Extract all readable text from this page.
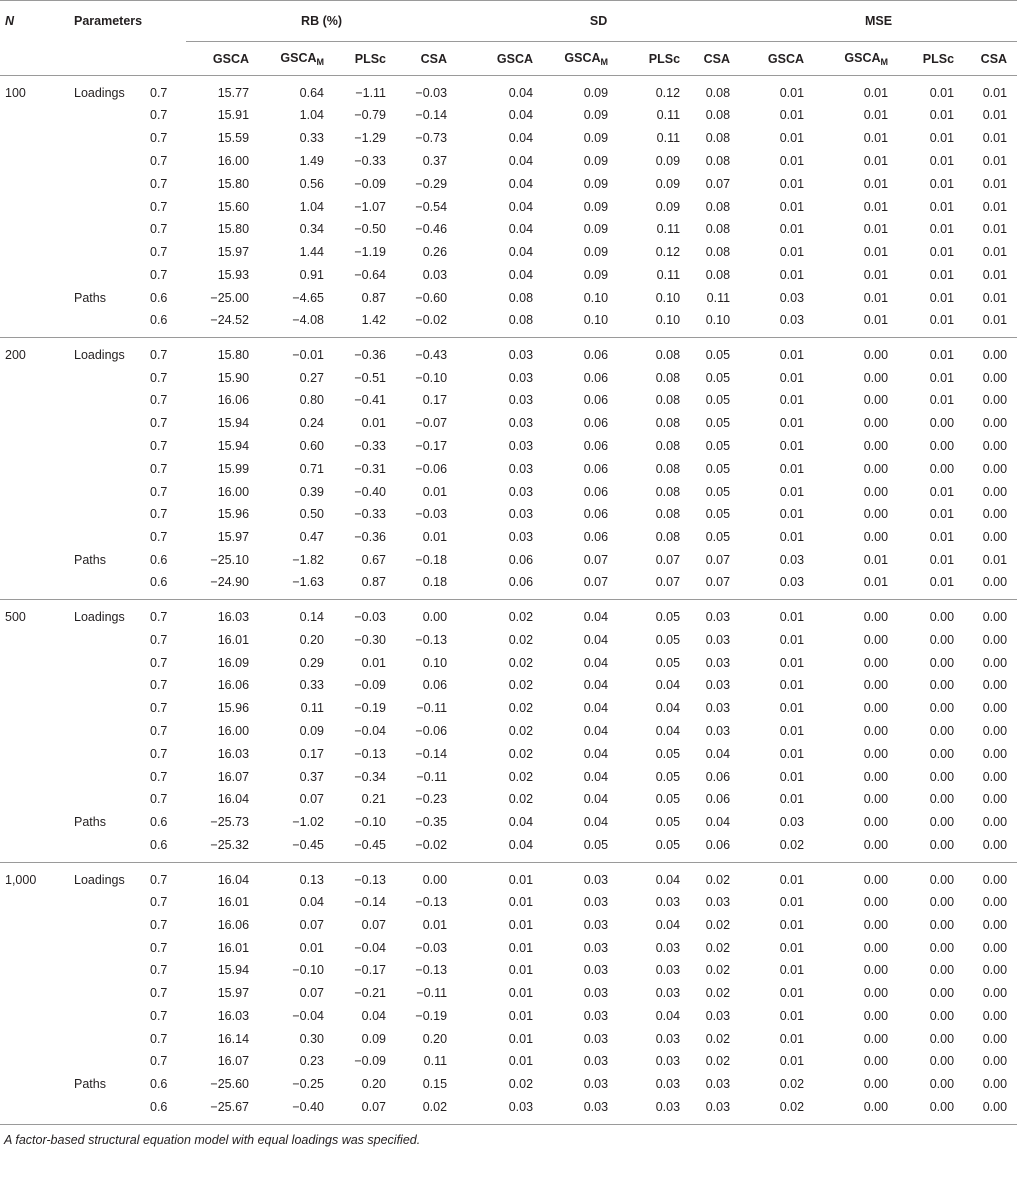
N	Parameters		RB (%)				SD				MSE			
			GSCA	$GSCA_M$	PLSc	CSA	GSCA	$GSCA_M$	PLSc	CSA	GSCA	$GSCA_M$	PLSc	CSA
100	Loadings	0.7	15.77	0.64	−1.11	−0.03	0.04	0.09	0.12	0.08	0.01	0.01	0.01	0.01
		0.7	15.91	1.04	−0.79	−0.14	0.04	0.09	0.11	0.08	0.01	0.01	0.01	0.01
		0.7	15.59	0.33	−1.29	−0.73	0.04	0.09	0.11	0.08	0.01	0.01	0.01	0.01
		0.7	16.00	1.49	−0.33	0.37	0.04	0.09	0.09	0.08	0.01	0.01	0.01	0.01
		0.7	15.80	0.56	−0.09	−0.29	0.04	0.09	0.09	0.07	0.01	0.01	0.01	0.01
		0.7	15.60	1.04	−1.07	−0.54	0.04	0.09	0.09	0.08	0.01	0.01	0.01	0.01
		0.7	15.80	0.34	−0.50	−0.46	0.04	0.09	0.11	0.08	0.01	0.01	0.01	0.01
		0.7	15.97	1.44	−1.19	0.26	0.04	0.09	0.12	0.08	0.01	0.01	0.01	0.01
		0.7	15.93	0.91	−0.64	0.03	0.04	0.09	0.11	0.08	0.01	0.01	0.01	0.01
	Paths	0.6	−25.00	−4.65	0.87	−0.60	0.08	0.10	0.10	0.11	0.03	0.01	0.01	0.01
		0.6	−24.52	−4.08	1.42	−0.02	0.08	0.10	0.10	0.10	0.03	0.01	0.01	0.01
200	Loadings	0.7	15.80	−0.01	−0.36	−0.43	0.03	0.06	0.08	0.05	0.01	0.00	0.01	0.00
		0.7	15.90	0.27	−0.51	−0.10	0.03	0.06	0.08	0.05	0.01	0.00	0.01	0.00
		0.7	16.06	0.80	−0.41	0.17	0.03	0.06	0.08	0.05	0.01	0.00	0.01	0.00
		0.7	15.94	0.24	0.01	−0.07	0.03	0.06	0.08	0.05	0.01	0.00	0.00	0.00
		0.7	15.94	0.60	−0.33	−0.17	0.03	0.06	0.08	0.05	0.01	0.00	0.00	0.00
		0.7	15.99	0.71	−0.31	−0.06	0.03	0.06	0.08	0.05	0.01	0.00	0.00	0.00
		0.7	16.00	0.39	−0.40	0.01	0.03	0.06	0.08	0.05	0.01	0.00	0.01	0.00
		0.7	15.96	0.50	−0.33	−0.03	0.03	0.06	0.08	0.05	0.01	0.00	0.01	0.00
		0.7	15.97	0.47	−0.36	0.01	0.03	0.06	0.08	0.05	0.01	0.00	0.01	0.00
	Paths	0.6	−25.10	−1.82	0.67	−0.18	0.06	0.07	0.07	0.07	0.03	0.01	0.01	0.01
		0.6	−24.90	−1.63	0.87	0.18	0.06	0.07	0.07	0.07	0.03	0.01	0.01	0.00
500	Loadings	0.7	16.03	0.14	−0.03	0.00	0.02	0.04	0.05	0.03	0.01	0.00	0.00	0.00
		0.7	16.01	0.20	−0.30	−0.13	0.02	0.04	0.05	0.03	0.01	0.00	0.00	0.00
		0.7	16.09	0.29	0.01	0.10	0.02	0.04	0.05	0.03	0.01	0.00	0.00	0.00
		0.7	16.06	0.33	−0.09	0.06	0.02	0.04	0.04	0.03	0.01	0.00	0.00	0.00
		0.7	15.96	0.11	−0.19	−0.11	0.02	0.04	0.04	0.03	0.01	0.00	0.00	0.00
		0.7	16.00	0.09	−0.04	−0.06	0.02	0.04	0.04	0.03	0.01	0.00	0.00	0.00
		0.7	16.03	0.17	−0.13	−0.14	0.02	0.04	0.05	0.04	0.01	0.00	0.00	0.00
		0.7	16.07	0.37	−0.34	−0.11	0.02	0.04	0.05	0.06	0.01	0.00	0.00	0.00
		0.7	16.04	0.07	0.21	−0.23	0.02	0.04	0.05	0.06	0.01	0.00	0.00	0.00
	Paths	0.6	−25.73	−1.02	−0.10	−0.35	0.04	0.04	0.05	0.04	0.03	0.00	0.00	0.00
		0.6	−25.32	−0.45	−0.45	−0.02	0.04	0.05	0.05	0.06	0.02	0.00	0.00	0.00
1,000	Loadings	0.7	16.04	0.13	−0.13	0.00	0.01	0.03	0.04	0.02	0.01	0.00	0.00	0.00
		0.7	16.01	0.04	−0.14	−0.13	0.01	0.03	0.03	0.03	0.01	0.00	0.00	0.00
		0.7	16.06	0.07	0.07	0.01	0.01	0.03	0.04	0.02	0.01	0.00	0.00	0.00
		0.7	16.01	0.01	−0.04	−0.03	0.01	0.03	0.03	0.02	0.01	0.00	0.00	0.00
		0.7	15.94	−0.10	−0.17	−0.13	0.01	0.03	0.03	0.02	0.01	0.00	0.00	0.00
		0.7	15.97	0.07	−0.21	−0.11	0.01	0.03	0.03	0.02	0.01	0.00	0.00	0.00
		0.7	16.03	−0.04	0.04	−0.19	0.01	0.03	0.04	0.03	0.01	0.00	0.00	0.00
		0.7	16.14	0.30	0.09	0.20	0.01	0.03	0.03	0.02	0.01	0.00	0.00	0.00
		0.7	16.07	0.23	−0.09	0.11	0.01	0.03	0.03	0.02	0.01	0.00	0.00	0.00
	Paths	0.6	−25.60	−0.25	0.20	0.15	0.02	0.03	0.03	0.03	0.02	0.00	0.00	0.00
		0.6	−25.67	−0.40	0.07	0.02	0.03	0.03	0.03	0.03	0.02	0.00	0.00	0.00
A factor-based structural equation model with equal loadings was specified.
